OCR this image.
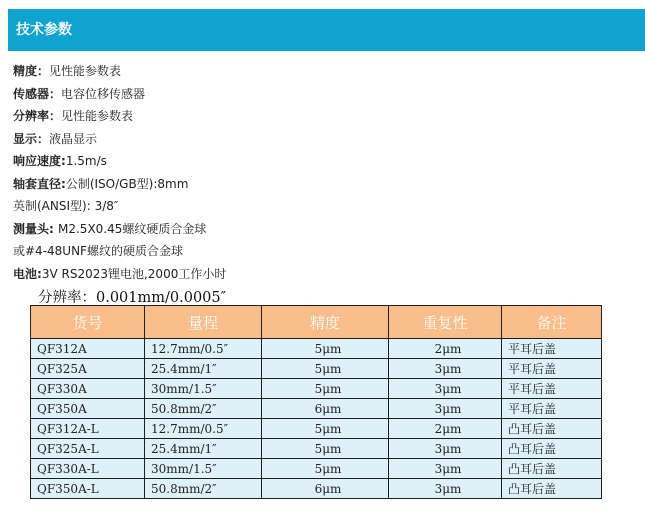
技术参数
精度：见性能参数表
传感器：电容位移传感器
分辨率：见性能参数表
显示：液晶显示
响应速度:1.5m/s
轴套直径:公制(ISO/GB型):8mm
英制(ANSI型): 3/8″
测量头: M2.5X0.45螺纹硬质合金球
或#4-48UNF螺纹的硬质合金球
电池:3V RS2023锂电池,2000工作小时
分辨率：0.001mm/0.0005″
货号	量程	精度	重复性	备注
QF312A	12.7mm/0.5″	5μm	2μm	平耳后盖
QF325A	25.4mm/1″	5μm	3μm	平耳后盖
QF330A	30mm/1.5″	5μm	3μm	平耳后盖
QF350A	50.8mm/2″	6μm	3μm	平耳后盖
QF312A-L	12.7mm/0.5″	5μm	2μm	凸耳后盖
QF325A-L	25.4mm/1″	5μm	3μm	凸耳后盖
QF330A-L	30mm/1.5″	5μm	3μm	凸耳后盖
QF350A-L	50.8mm/2″	6μm	3μm	凸耳后盖
